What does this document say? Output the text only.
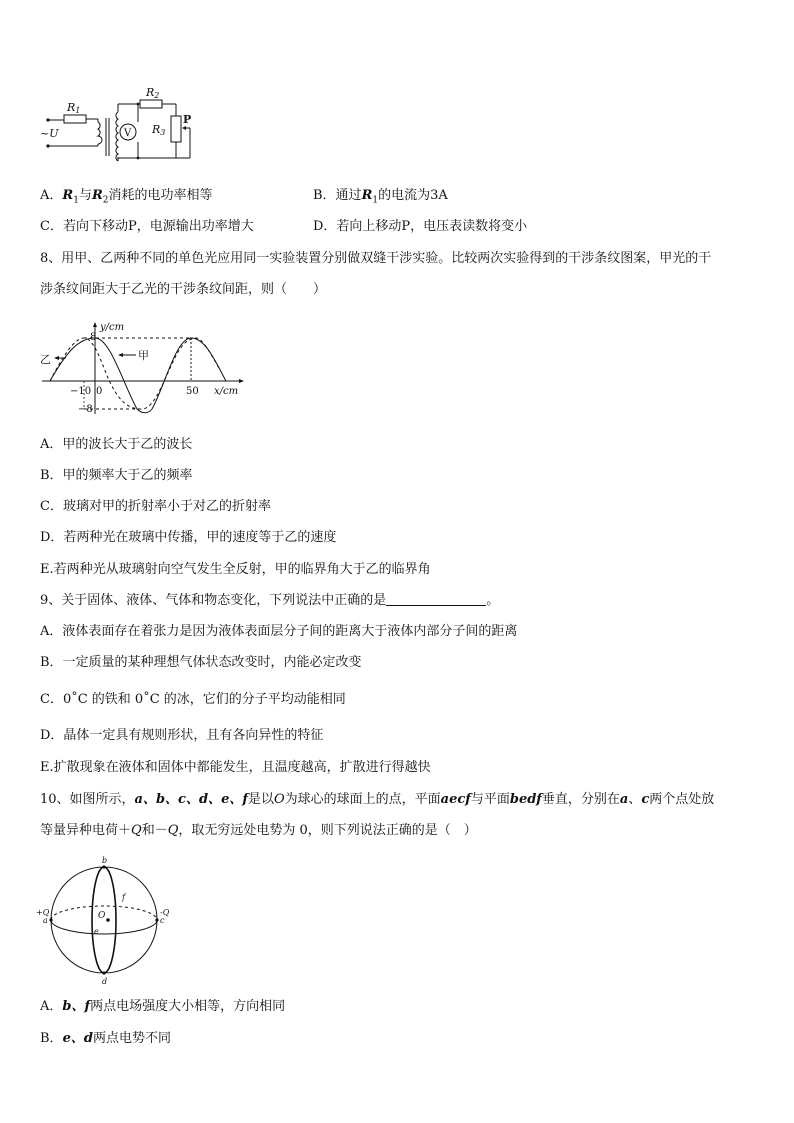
R1
R2
R3
V
~U
P
A．$R_1$与$R_2$消耗的电功率相等	B．通过$R_1$的电流为3A
C．若向下移动P，电源输出功率增大	D．若向上移动P，电压表读数将变小
8、用甲、乙两种不同的单色光应用同一实验装置分别做双缝干涉实验。比较两次实验得到的干涉条纹图案，甲光的干
涉条纹间距大于乙光的干涉条纹间距，则（　　）
y/cm
x/cm
8
−8
−10 0	50
乙	甲
A．甲的波长大于乙的波长
B．甲的频率大于乙的频率
C．玻璃对甲的折射率小于对乙的折射率
D．若两种光在玻璃中传播，甲的速度等于乙的速度
E.若两种光从玻璃射向空气发生全反射，甲的临界角大于乙的临界角
9、关于固体、液体、气体和物态变化，下列说法中正确的是	。
A．液体表面存在着张力是因为液体表面层分子间的距离大于液体内部分子间的距离
B．一定质量的某种理想气体状态改变时，内能必定改变
C．0˚C 的铁和 0˚C 的冰，它们的分子平均动能相同
D．晶体一定具有规则形状，且有各向异性的特征
E.扩散现象在液体和固体中都能发生，且温度越高，扩散进行得越快
10、如图所示，a、b、c、d、e、f是以O为球心的球面上的点，平面aecf与平面bedf垂直，分别在a、c两个点处放
等量异种电荷＋Q和－Q，取无穷远处电势为 0，则下列说法正确的是（　）
+Q
a
-Q
c
b
d
e
f
O
A．b、f两点电场强度大小相等，方向相同
B．e、d两点电势不同
